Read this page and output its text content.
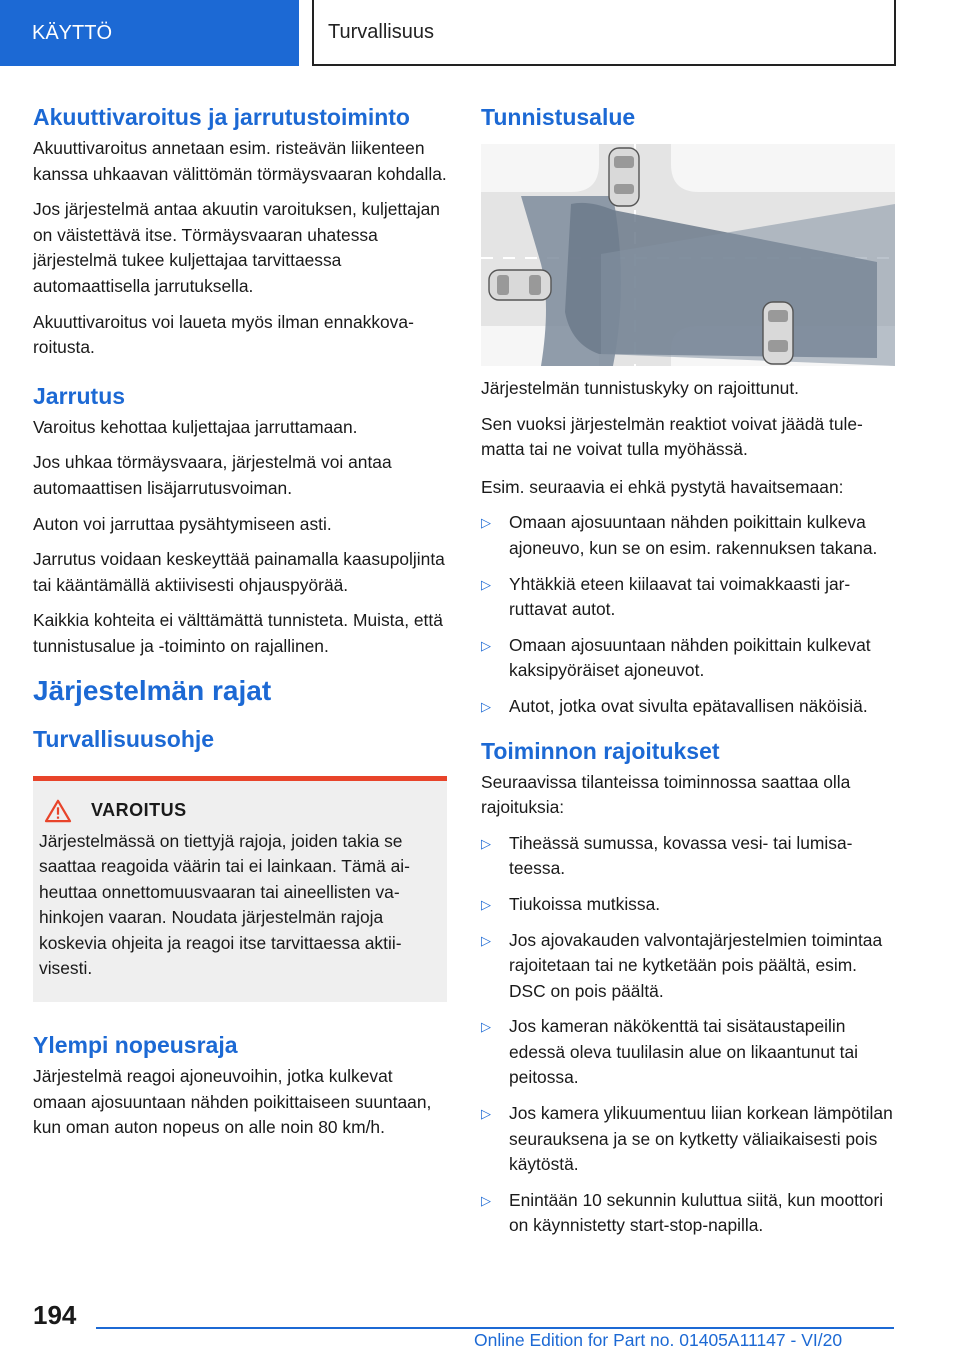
KÄYTTÖ	Turvallisuus
Akuuttivaroitus ja jarrutustoiminto

Akuuttivaroitus annetaan esim. risteävän liikenteen kanssa uhkaavan välittömän törmäysvaaran kohdalla.

Jos järjestelmä antaa akuutin varoituksen, kuljettajan on väistettävä itse. Törmäysvaaran uhatessa järjestelmä tukee kuljettajaa tarvittaessa automaattisella jarrutuksella.

Akuuttivaroitus voi laueta myös ilman ennakkovaroitusta.

Jarrutus

Varoitus kehottaa kuljettajaa jarruttamaan.

Jos uhkaa törmäysvaara, järjestelmä voi antaa automaattisen lisäjarrutusvoiman.

Auton voi jarruttaa pysähtymiseen asti.

Jarrutus voidaan keskeyttää painamalla kaasupoljinta tai kääntämällä aktiivisesti ohjauspyörää.

Kaikkia kohteita ei välttämättä tunnisteta. Muista, että tunnistusalue ja -toiminto on rajallinen.

Järjestelmän rajat
Turvallisuusohje
VAROITUS

Järjestelmässä on tiettyjä rajoja, joiden takia se saattaa reagoida väärin tai ei lainkaan. Tämä aiheuttaa onnettomuusvaaran tai aineellisten vahinkojen vaaran. Noudata järjestelmän rajoja koskevia ohjeita ja reagoi itse tarvittaessa aktiivisesti.

Ylempi nopeusraja

Järjestelmä reagoi ajoneuvoihin, jotka kulkevat omaan ajosuuntaan nähden poikittaiseen suuntaan, kun oman auton nopeus on alle noin 80 km/h.

Tunnistusalue

Järjestelmän tunnistuskyky on rajoittunut.

Sen vuoksi järjestelmän reaktiot voivat jäädä tulematta tai ne voivat tulla myöhässä.

Esim. seuraavia ei ehkä pystytä havaitsemaan:

▷	Omaan ajosuuntaan nähden poikittain kulkeva ajoneuvo, kun se on esim. rakennuksen takana.
▷	Yhtäkkiä eteen kiilaavat tai voimakkaasti jarruttavat autot.
▷	Omaan ajosuuntaan nähden poikittain kulkevat kaksipyöräiset ajoneuvot.
▷	Autot, jotka ovat sivulta epätavallisen näköisiä.
Toiminnon rajoitukset

Seuraavissa tilanteissa toiminnossa saattaa olla rajoituksia:

▷	Tiheässä sumussa, kovassa vesi- tai lumisateessa.
▷	Tiukoissa mutkissa.
▷	Jos ajovakauden valvontajärjestelmien toimintaa rajoitetaan tai ne kytketään pois päältä, esim. DSC on pois päältä.
▷	Jos kameran näkökenttä tai sisätaustapeilin edessä oleva tuulilasin alue on likaantunut tai peitossa.
▷	Jos kamera ylikuumentuu liian korkean lämpötilan seurauksena ja se on kytketty väliaikaisesti pois käytöstä.
▷	Enintään 10 sekunnin kuluttua siitä, kun moottori on käynnistetty start-stop-napilla.
194
Online Edition for Part no. 01405A11147 - VI/20
